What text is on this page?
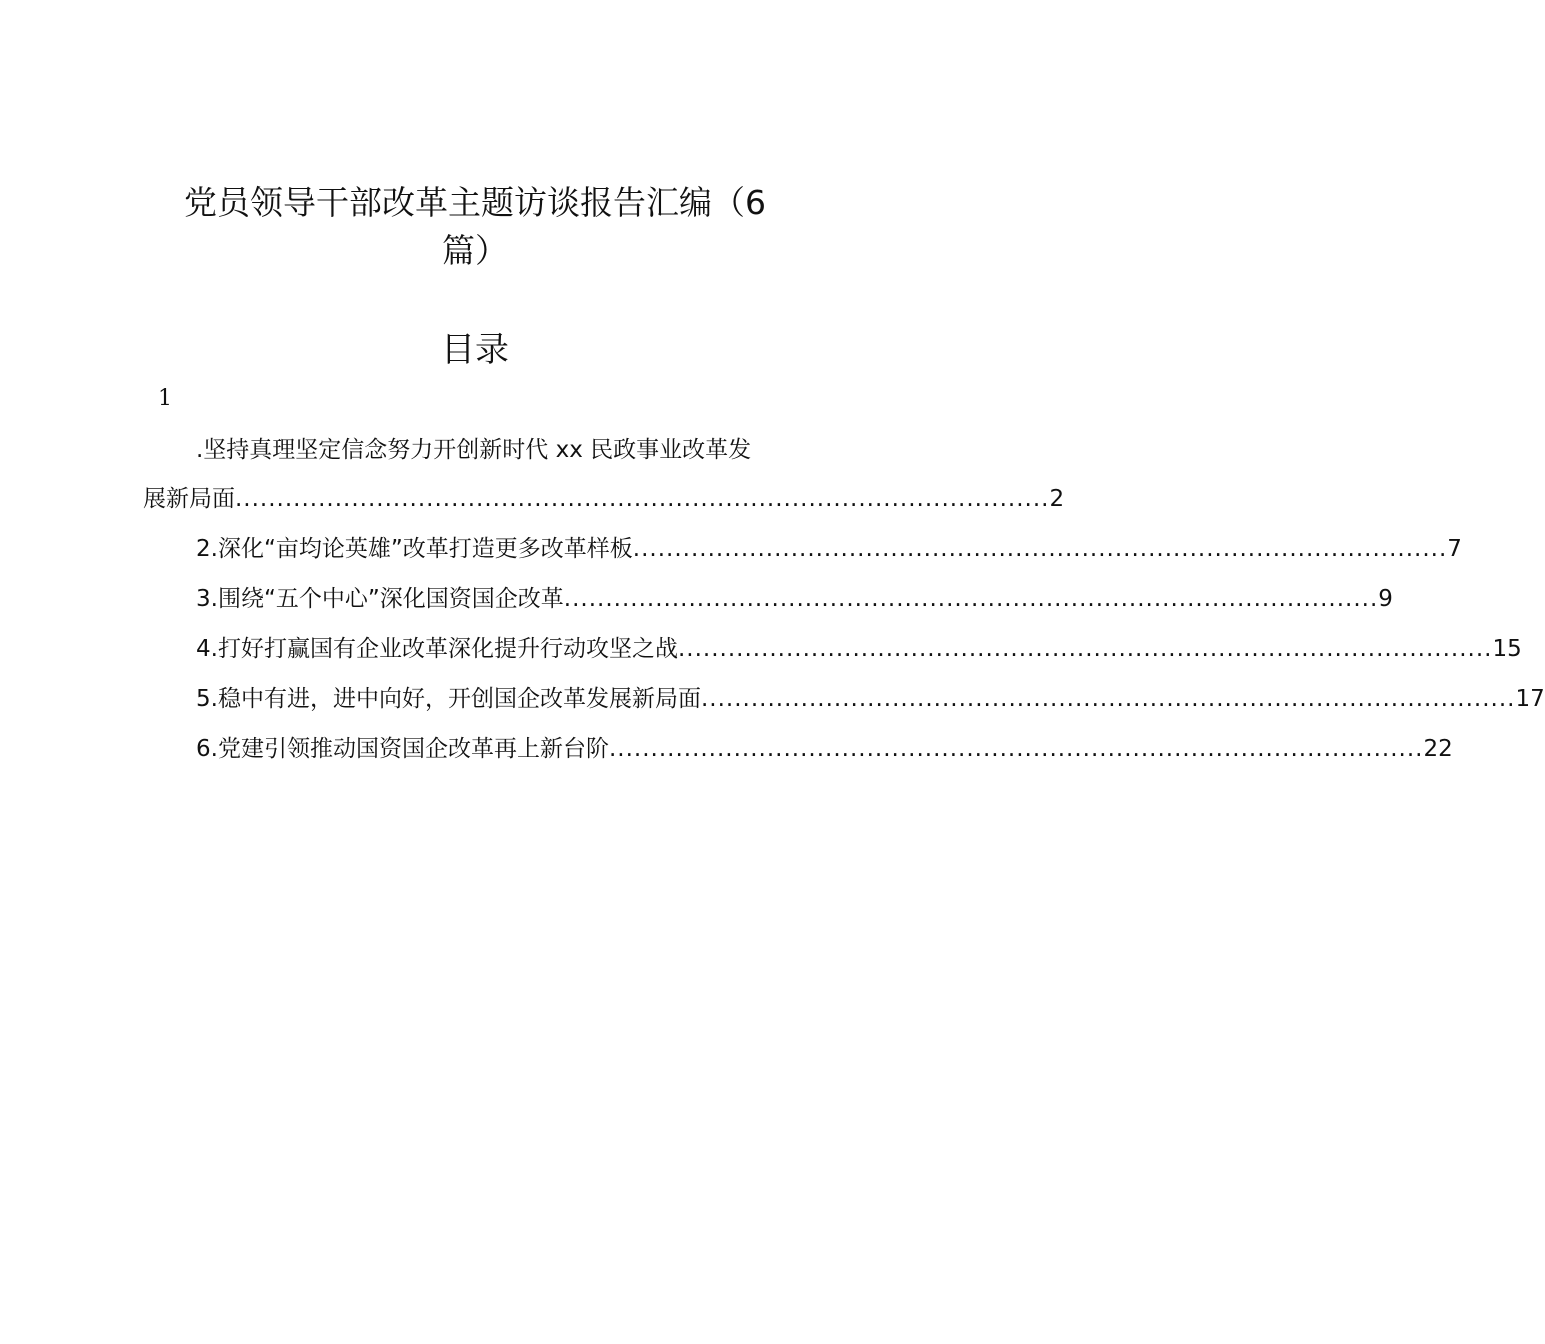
党员领导干部改革主题访谈报告汇编（6
篇）
目录
1
.坚持真理坚定信念努力开创新时代 xx 民政事业改革发
展新局面 .................................................................................................. 2
2.深化“亩均论英雄”改革打造更多改革样板 .................................................................................................. 7
3.围绕“五个中心”深化国资国企改革 .................................................................................................. 9
4.打好打赢国有企业改革深化提升行动攻坚之战 .................................................................................................. 15
5.稳中有进，进中向好，开创国企改革发展新局面 .................................................................................................. 17
6.党建引领推动国资国企改革再上新台阶 .................................................................................................. 22
